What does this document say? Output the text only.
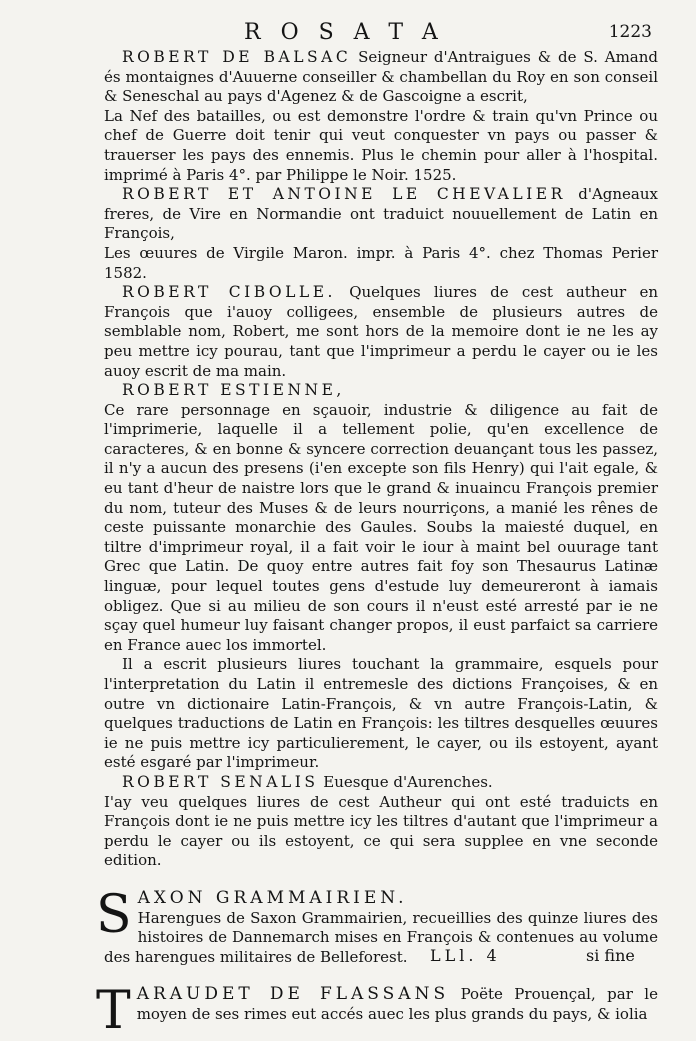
ROSATA	1223

ROBERT DE BALSAC Seigneur d'Antraigues & de S. Amand és montaignes d'Auuerne conseiller & chambellan du Roy en son conseil & Seneschal au pays d'Agenez & de Gascoigne a escrit,

La Nef des batailles, ou est demonstre l'ordre & train qu'vn Prince ou chef de Guerre doit tenir qui veut conquester vn pays ou passer & trauerser les pays des ennemis. Plus le chemin pour aller à l'hospital. imprimé à Paris 4°. par Philippe le Noir. 1525.

ROBERT ET ANTOINE LE CHEVALIER d'Agneaux freres, de Vire en Normandie ont traduict nouuellement de Latin en François,

Les œuures de Virgile Maron. impr. à Paris 4°. chez Thomas Perier 1582.

ROBERT CIBOLLE. Quelques liures de cest autheur en François que i'auoy colligees, ensemble de plusieurs autres de semblable nom, Robert, me sont hors de la memoire dont ie ne les ay peu mettre icy pourau, tant que l'imprimeur a perdu le cayer ou ie les auoy escrit de ma main.

ROBERT ESTIENNE,

Ce rare personnage en sçauoir, industrie & diligence au fait de l'imprimerie, laquelle il a tellement polie, qu'en excellence de caracteres, & en bonne & syncere correction deuançant tous les passez, il n'y a aucun des presens (i'en excepte son fils Henry) qui l'ait egale, & eu tant d'heur de naistre lors que le grand & inuaincu François premier du nom, tuteur des Muses & de leurs nourriçons, a manié les rênes de ceste puissante monarchie des Gaules. Soubs la maiesté duquel, en tiltre d'imprimeur royal, il a fait voir le iour à maint bel ouurage tant Grec que Latin. De quoy entre autres fait foy son Thesaurus Latinæ linguæ, pour lequel toutes gens d'estude luy demeureront à iamais obligez. Que si au milieu de son cours il n'eust esté arresté par ie ne sçay quel humeur luy faisant changer propos, il eust parfaict sa carriere en France auec los immortel.

Il a escrit plusieurs liures touchant la grammaire, esquels pour l'interpretation du Latin il entremesle des dictions Françoises, & en outre vn dictionaire Latin-François, & vn autre François-Latin, & quelques traductions de Latin en François: les tiltres desquelles œuures ie ne puis mettre icy particulierement, le cayer, ou ils estoyent, ayant esté esgaré par l'imprimeur.

ROBERT SENALIS Euesque d'Aurenches.

I'ay veu quelques liures de cest Autheur qui ont esté traduicts en François dont ie ne puis mettre icy les tiltres d'autant que l'imprimeur a perdu le cayer ou ils estoyent, ce qui sera supplee en vne seconde edition.

S AXON GRAMMAIRIEN.
Harengues de Saxon Grammairien, recueillies des quinze liures des histoires de Dannemarch mises en François & contenues au volume des harengues militaires de Belleforest.

T ARAUDET DE FLASSANS Poëte Prouençal, par le moyen de ses rimes eut accés auec les plus grands du pays, & iolia

LLl. 4	si fine
